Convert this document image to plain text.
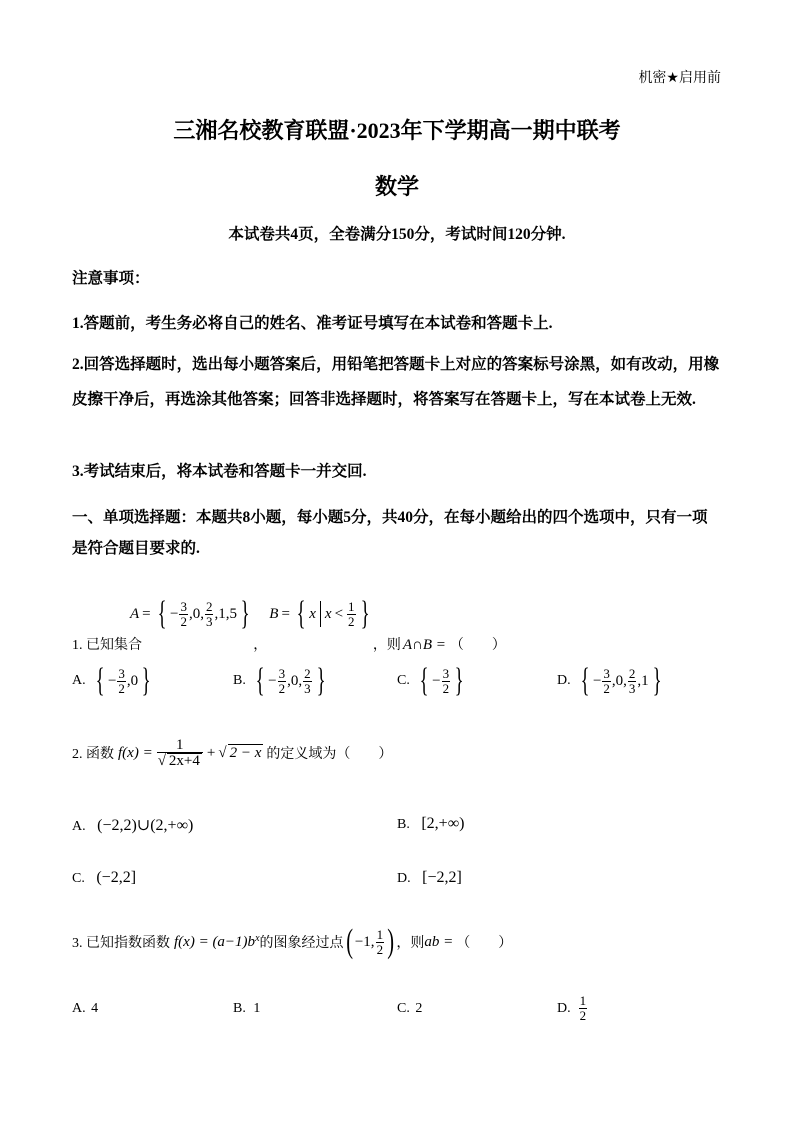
机密★启用前
三湘名校教育联盟·2023年下学期高一期中联考
数学
本试卷共4页，全卷满分150分，考试时间120分钟.
注意事项：
1.答题前，考生务必将自己的姓名、准考证号填写在本试卷和答题卡上.
2.回答选择题时，选出每小题答案后，用铅笔把答题卡上对应的答案标号涂黑，如有改动，用橡皮擦干净后，再选涂其他答案；回答非选择题时，将答案写在答题卡上，写在本试卷上无效.
3.考试结束后，将本试卷和答题卡一并交回.
一、单项选择题：本题共8小题，每小题5分，共40分，在每小题给出的四个选项中，只有一项是符合题目要求的.
1. 已知集合
A = { − $\frac{3}{2}$ , 0 , $\frac{2}{3}$ , 1 , 5 }
，
B = { x $x < \frac{1}{2}$ }
，则 A∩B = （　　）
A. { − $\frac{3}{2} ,0$ }	B. { − $\frac{3}{2} ,0$, $\frac{2}{3}$ }	C. { − $\frac{3}{2}$ }	D. { − $\frac{3}{2} ,0$, $\frac{2}{3} ,1$ }
2. 函数 $f(x) = \frac{1}{√ 2x+4}$ + √ 2 − x 的定义域为（　　）
A. (−2,2)∪(2,+∞)	B. [2,+∞)
C. (−2,2]	D. [−2,2]
3. 已知指数函数 $f(x) = (a-1)b^x$ 的图象经过点 ( −1, $\frac{1}{2}$ ) ，则 ab = （　　）
A. 4	B. 1	C. 2	D. $\frac{1}{2}$
